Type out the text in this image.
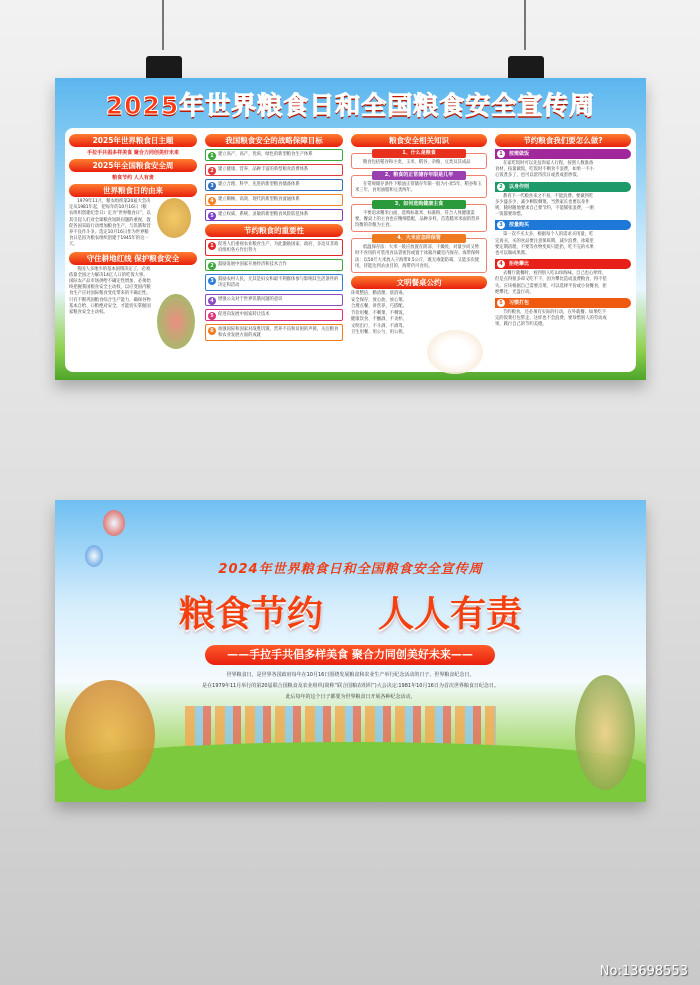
2025年世界粮食日和全国粮食安全宣传周
2025年世界粮食日主题
手拉手共倡多样美食 聚合力同创美好未来
2025年全国粮食安全周
粮食节约 人人有责
世界粮食日的由来
1979年11月，粮农组织第20届大会决定从1981年起，把每年的10月16日（粮农组织创建纪念日）定为“世界粮食日”，以其引起人们对全球粮食短缺问题的重视，敦促各国采取行动增加粮食生产，与饥饿和营养不良作斗争。选定10月16日作为世界粮食日是因为粮农组织创建于1945年的这一天。
守住耕地红线 保护粮食安全
我国人多地少的基本国情决定了，必须依靠全国之力解决14亿人口的吃饭大事。国际农产品市场供给不确定性增加，必须始终把握我国粮食安全主动权，以应变国内粮食生产应对国际粮食变化带来的不确定性。只有不断巩固粮食综合生产能力，确保谷物基本自给、口粮绝对安全，才能切实掌握国家粮食安全主动权。
我国粮食安全的战略保障目标
1 建立高产、高产、优质、绿色的新型粮食生产体系
2 建立健康、营养、品种丰富的新型粮食消费体系
3 建立合理、科学、先进的新型粮食储备体系
4 建立顺畅、高效、现代的新型粮食流通体系
5 建立权威、系统、灵敏的新型粮食风险防范体系
节约粮食的重要性
1 促进人们重视农业粮食生产，为此激励国家、政府、多边及非政府组织各方作出努力
2 鼓励发展中国家开展经济和技术合作
3 鼓励农村人民，尤其是妇女和最不利群体参与影响其生活条件的决定和活动
4 增强公众对于世界饥饿问题的意识
5 促进向发展中国家转让技术
6 加强国际和国家对战胜饥饿、营养不良和贫困的声援，关注粮食和农业发展方面的成就
粮食安全相关知识
1、什么是粮食
粮食包括稻谷和小麦、玉米、稻谷、杂粮、豆类及其成品
2、粮食的正常储存年限是几年
在常规储存条件下粮油正常储存年限一般为小麦5年，稻谷和玉米三年，食用油脂和豆类两年。
3、如何选购健康主食
不要追求精米白面，选购标准米、标准粉，符合人体健康需要。餐桌上的主食也应精细搭配，品种多样，首选糙米米面的营养均衡的杂粮为主食。
4、大米应怎样保管
低温保存法：大米一般应放置在阴凉、干燥处，对量少而又暂时不食用的可装用食品袋密封或置于冰箱冷藏室内保存。海带保鲜法：以50斤大米放入干海带0.5公斤，既无毒能防霉，又能多次使用，待能达到杀虫目的，海带仍可食用。
文明餐桌公约
环境整洁、勤清理、晨消毒。
安全保存、放心油、放心菜。
合理点餐、讲营养、巧搭配。
节俭用餐、不剩菜、不剩饭。
健康饮食、不酗酒、不贪杯。
文明出行、不斗酒、不酒驾。
卫生用餐、用公勺、用公筷。
节约粮食我们要怎么做?
1	按需做饭
在家吃饭时可以先征询家人行程，按照人数准备食材，按量做饭，吃饭时不剩食不浪费，如果一不小心饭煮多了，也可以留待次日或煮成蛋炒饭。
2	以身作则
教育下一代粮食来之不易，不能浪费。要做到吃多少盛多少，减少剩饭剩菜。当然家长也要以身作则，随时随地要求自己要节约，不能铺张浪费，一粥一饭都要珍惜。
3	按量购买
第一次不买太多，根据每个人的需求买用量，吃完再买，买的食品要注意保质期，减少浪费，冰箱里要定期清理，不要等食物变质只能扔，吃不完的水果也可以做成果酱。
4	拒绝攀比
去餐厅就餐时，看到别人吃山珍海味，自己也心痒痒，但是点得很多却又吃不下，因为攀比造成浪费粮食，得不偿失。应该根据自己需要点菜，可以选择半份或小份餐食，拒绝攀比，光盘行动。
5	习惯打包
节约粮食，还必须有实际的行动，在外就餐，如果吃不完的饭菜打包带走，这样也不会浪费，要珍惜别人的劳动成果，践行自己的节约美德。
2024年世界粮食日和全国粮食安全宣传周
粮食节约 人人有责
——手拉手共倡多样美食 聚合力同创美好未来——
世界粮食日，是世界各国政府每年在10月16日围绕发展粮食和农业生产举行纪念活动的日子。世界粮食纪念日，
是在1979年11月举行的第20届联合国粮食及农业组织(简称“联合国粮农组织”)大会决定:1981年10月16日为首次世界粮食日纪念日。
此后每年的这个日子都要为世界粮食日开展各种纪念活动。
No:13698553
